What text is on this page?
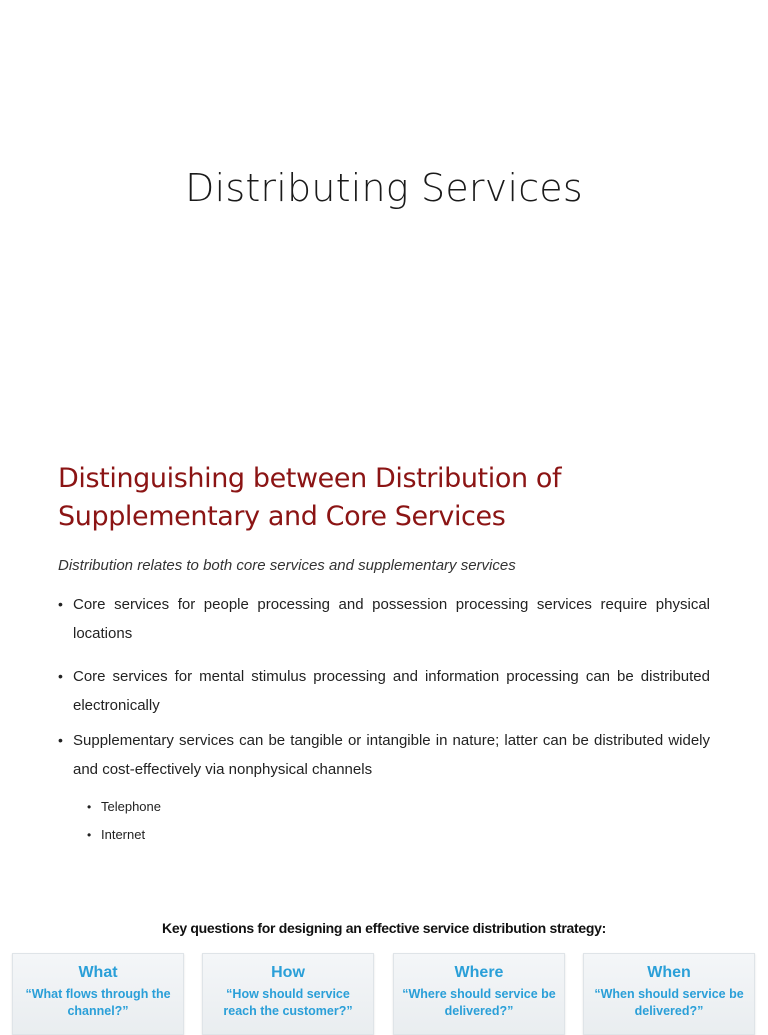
Distributing Services
Distinguishing between Distribution of
Supplementary and Core Services
Distribution relates to both core services and supplementary services
• Core services for people processing and possession processing services require physical locations
• Core services for mental stimulus processing and information processing can be distributed electronically
• Supplementary services can be tangible or intangible in nature; latter can be distributed widely and cost-effectively via nonphysical channels
• Telephone
• Internet
Key questions for designing an effective service distribution strategy:
What
“What flows through the channel?”
How
“How should service reach the customer?”
Where
“Where should service be delivered?”
When
“When should service be delivered?”
